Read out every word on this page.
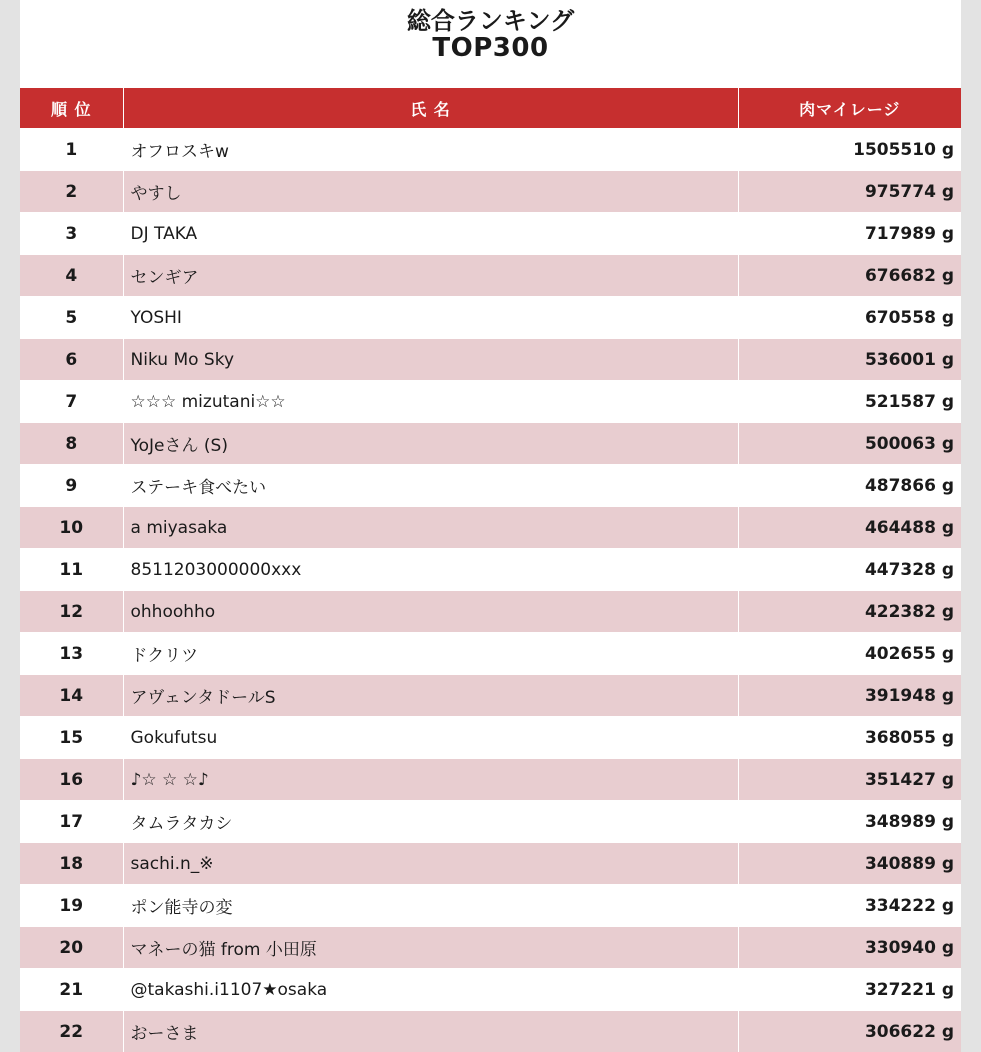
総合ランキング
TOP300
順 位	氏 名	肉マイレージ
1	オフロスキw	1505510 g
2	やすし	975774 g
3	DJ TAKA	717989 g
4	センギア	676682 g
5	YOSHI	670558 g
6	Niku Mo Sky	536001 g
7	☆☆☆ mizutani☆☆	521587 g
8	YoJeさん (S)	500063 g
9	ステーキ食べたい	487866 g
10	a miyasaka	464488 g
11	8511203000000xxx	447328 g
12	ohhoohho	422382 g
13	ドクリツ	402655 g
14	アヴェンタドールS	391948 g
15	Gokufutsu	368055 g
16	♪☆ ☆ ☆♪	351427 g
17	タムラタカシ	348989 g
18	sachi.n_※	340889 g
19	ポン能寺の変	334222 g
20	マネーの猫 from 小田原	330940 g
21	@takashi.i1107★osaka	327221 g
22	おーさま	306622 g
